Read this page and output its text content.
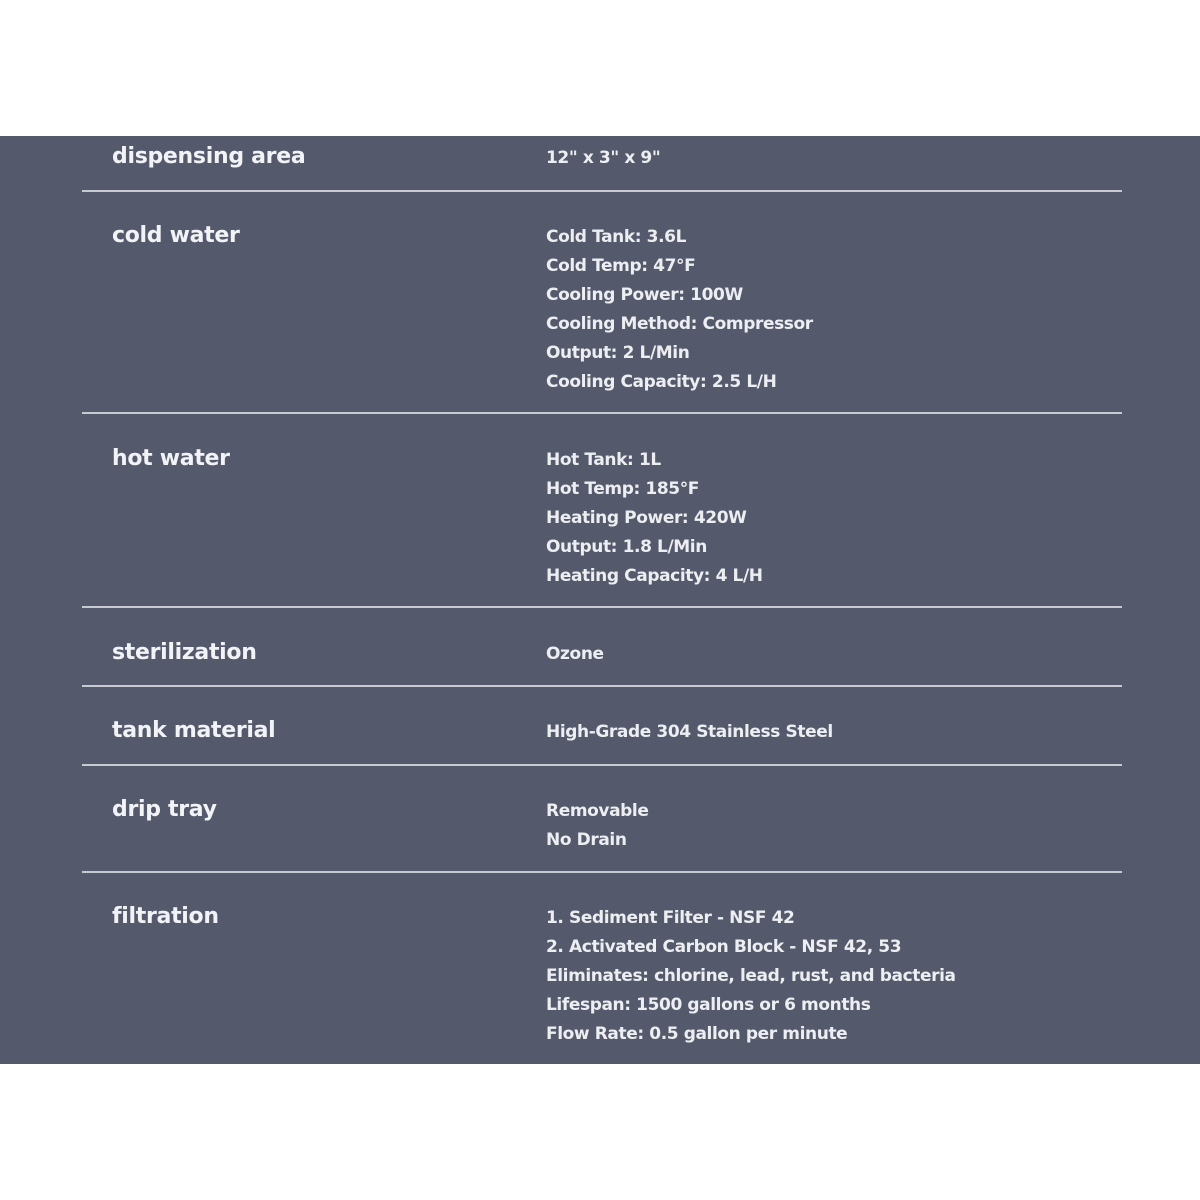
dispensing area	12" x 3" x 9"
cold water	Cold Tank: 3.6L
Cold Temp: 47°F
Cooling Power: 100W
Cooling Method: Compressor
Output: 2 L/Min
Cooling Capacity: 2.5 L/H
hot water	Hot Tank: 1L
Hot Temp: 185°F
Heating Power: 420W
Output: 1.8 L/Min
Heating Capacity: 4 L/H
sterilization	Ozone
tank material	High-Grade 304 Stainless Steel
drip tray	Removable
No Drain
filtration	1. Sediment Filter - NSF 42
2. Activated Carbon Block - NSF 42, 53
Eliminates: chlorine, lead, rust, and bacteria
Lifespan: 1500 gallons or 6 months
Flow Rate: 0.5 gallon per minute
